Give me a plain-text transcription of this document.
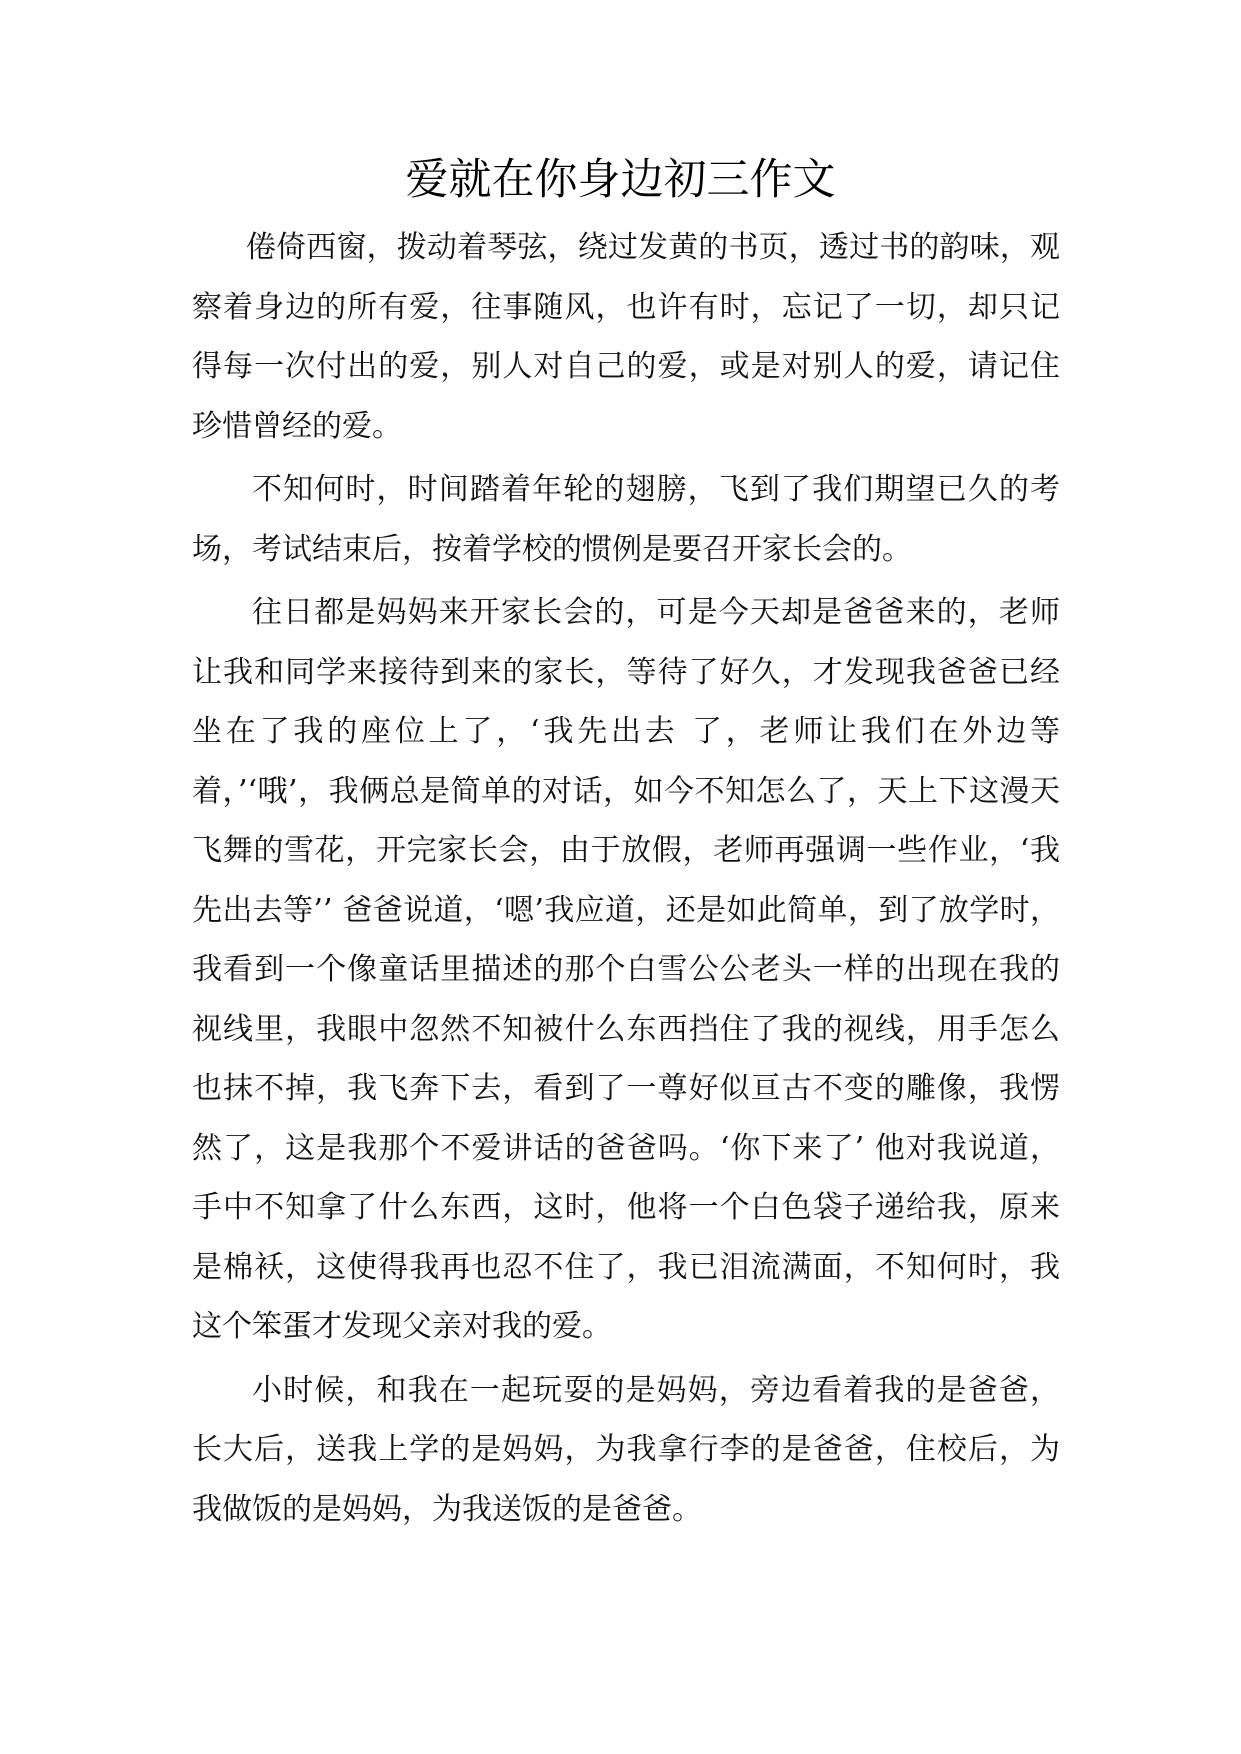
爱就在你身边初三作文

倦倚西窗，拨动着琴弦，绕过发黄的书页，透过书的韵味，观察着身边的所有爱，往事随风，也许有时，忘记了一切，却只记得每一次付出的爱，别人对自己的爱，或是对别人的爱，请记住珍惜曾经的爱。

不知何时，时间踏着年轮的翅膀，飞到了我们期望已久的考场，考试结束后，按着学校的惯例是要召开家长会的。

往日都是妈妈来开家长会的，可是今天却是爸爸来的，老师让我和同学来接待到来的家长，等待了好久，才发现我爸爸已经坐在了我的座位上了，‘我先出去 了，老师让我们在外边等着，’‘哦’，我俩总是简单的对话，如今不知怎么了，天上下这漫天飞舞的雪花，开完家长会，由于放假，老师再强调一些作业，‘我先出去等’’ 爸爸说道，‘嗯’我应道，还是如此简单，到了放学时，我看到一个像童话里描述的那个白雪公公老头一样的出现在我的视线里，我眼中忽然不知被什么东西挡住了我的视线，用手怎么也抹不掉，我飞奔下去，看到了一尊好似亘古不变的雕像，我愣然了，这是我那个不爱讲话的爸爸吗。‘你下来了’ 他对我说道，手中不知拿了什么东西，这时，他将一个白色袋子递给我，原来是棉袄，这使得我再也忍不住了，我已泪流满面，不知何时，我这个笨蛋才发现父亲对我的爱。

小时候，和我在一起玩耍的是妈妈，旁边看着我的是爸爸，长大后，送我上学的是妈妈，为我拿行李的是爸爸，住校后，为我做饭的是妈妈，为我送饭的是爸爸。
